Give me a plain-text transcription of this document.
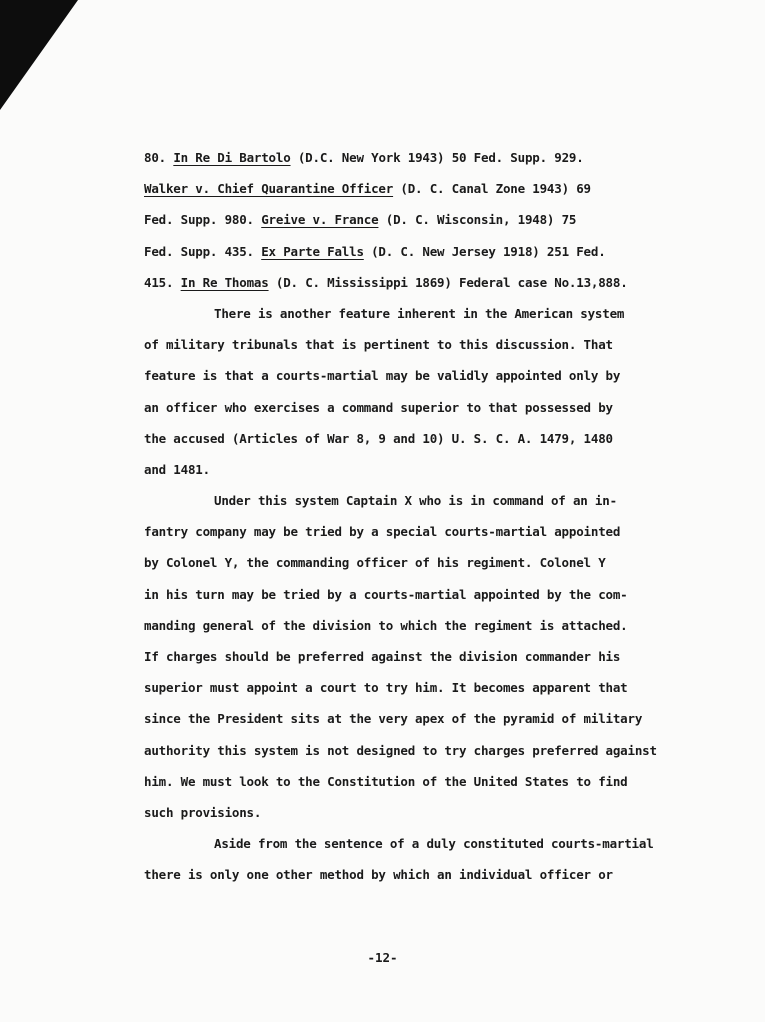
80. In Re Di Bartolo (D.C. New York 1943) 50 Fed. Supp. 929.
Walker v. Chief Quarantine Officer (D. C. Canal Zone 1943) 69
Fed. Supp. 980. Greive v. France (D. C. Wisconsin, 1948) 75
Fed. Supp. 435. Ex Parte Falls (D. C. New Jersey 1918) 251 Fed.
415. In Re Thomas (D. C. Mississippi 1869) Federal case No.13,888.
There is another feature inherent in the American system
of military tribunals that is pertinent to this discussion. That
feature is that a courts-martial may be validly appointed only by
an officer who exercises a command superior to that possessed by
the accused (Articles of War 8, 9 and 10) U. S. C. A. 1479, 1480
and 1481.
Under this system Captain X who is in command of an in-
fantry company may be tried by a special courts-martial appointed
by Colonel Y, the commanding officer of his regiment. Colonel Y
in his turn may be tried by a courts-martial appointed by the com-
manding general of the division to which the regiment is attached.
If charges should be preferred against the division commander his
superior must appoint a court to try him. It becomes apparent that
since the President sits at the very apex of the pyramid of military
authority this system is not designed to try charges preferred against
him. We must look to the Constitution of the United States to find
such provisions.
Aside from the sentence of a duly constituted courts-martial
there is only one other method by which an individual officer or
-12-
